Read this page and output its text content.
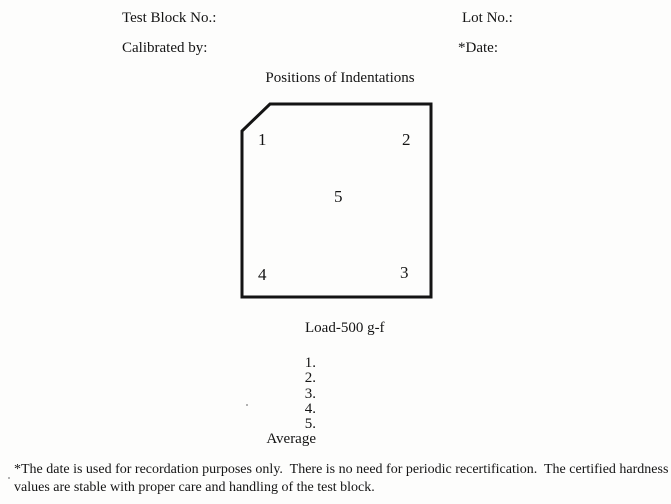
Test Block No.:	Lot No.:
Calibrated by:	*Date:
Positions of Indentations
1	2
3
4
5
Load-500 g-f
1.
2.
3.
4.
5.
Average
*The date is used for recordation purposes only.  There is no need for periodic recertification.  The certified hardness
values are stable with proper care and handling of the test block.
